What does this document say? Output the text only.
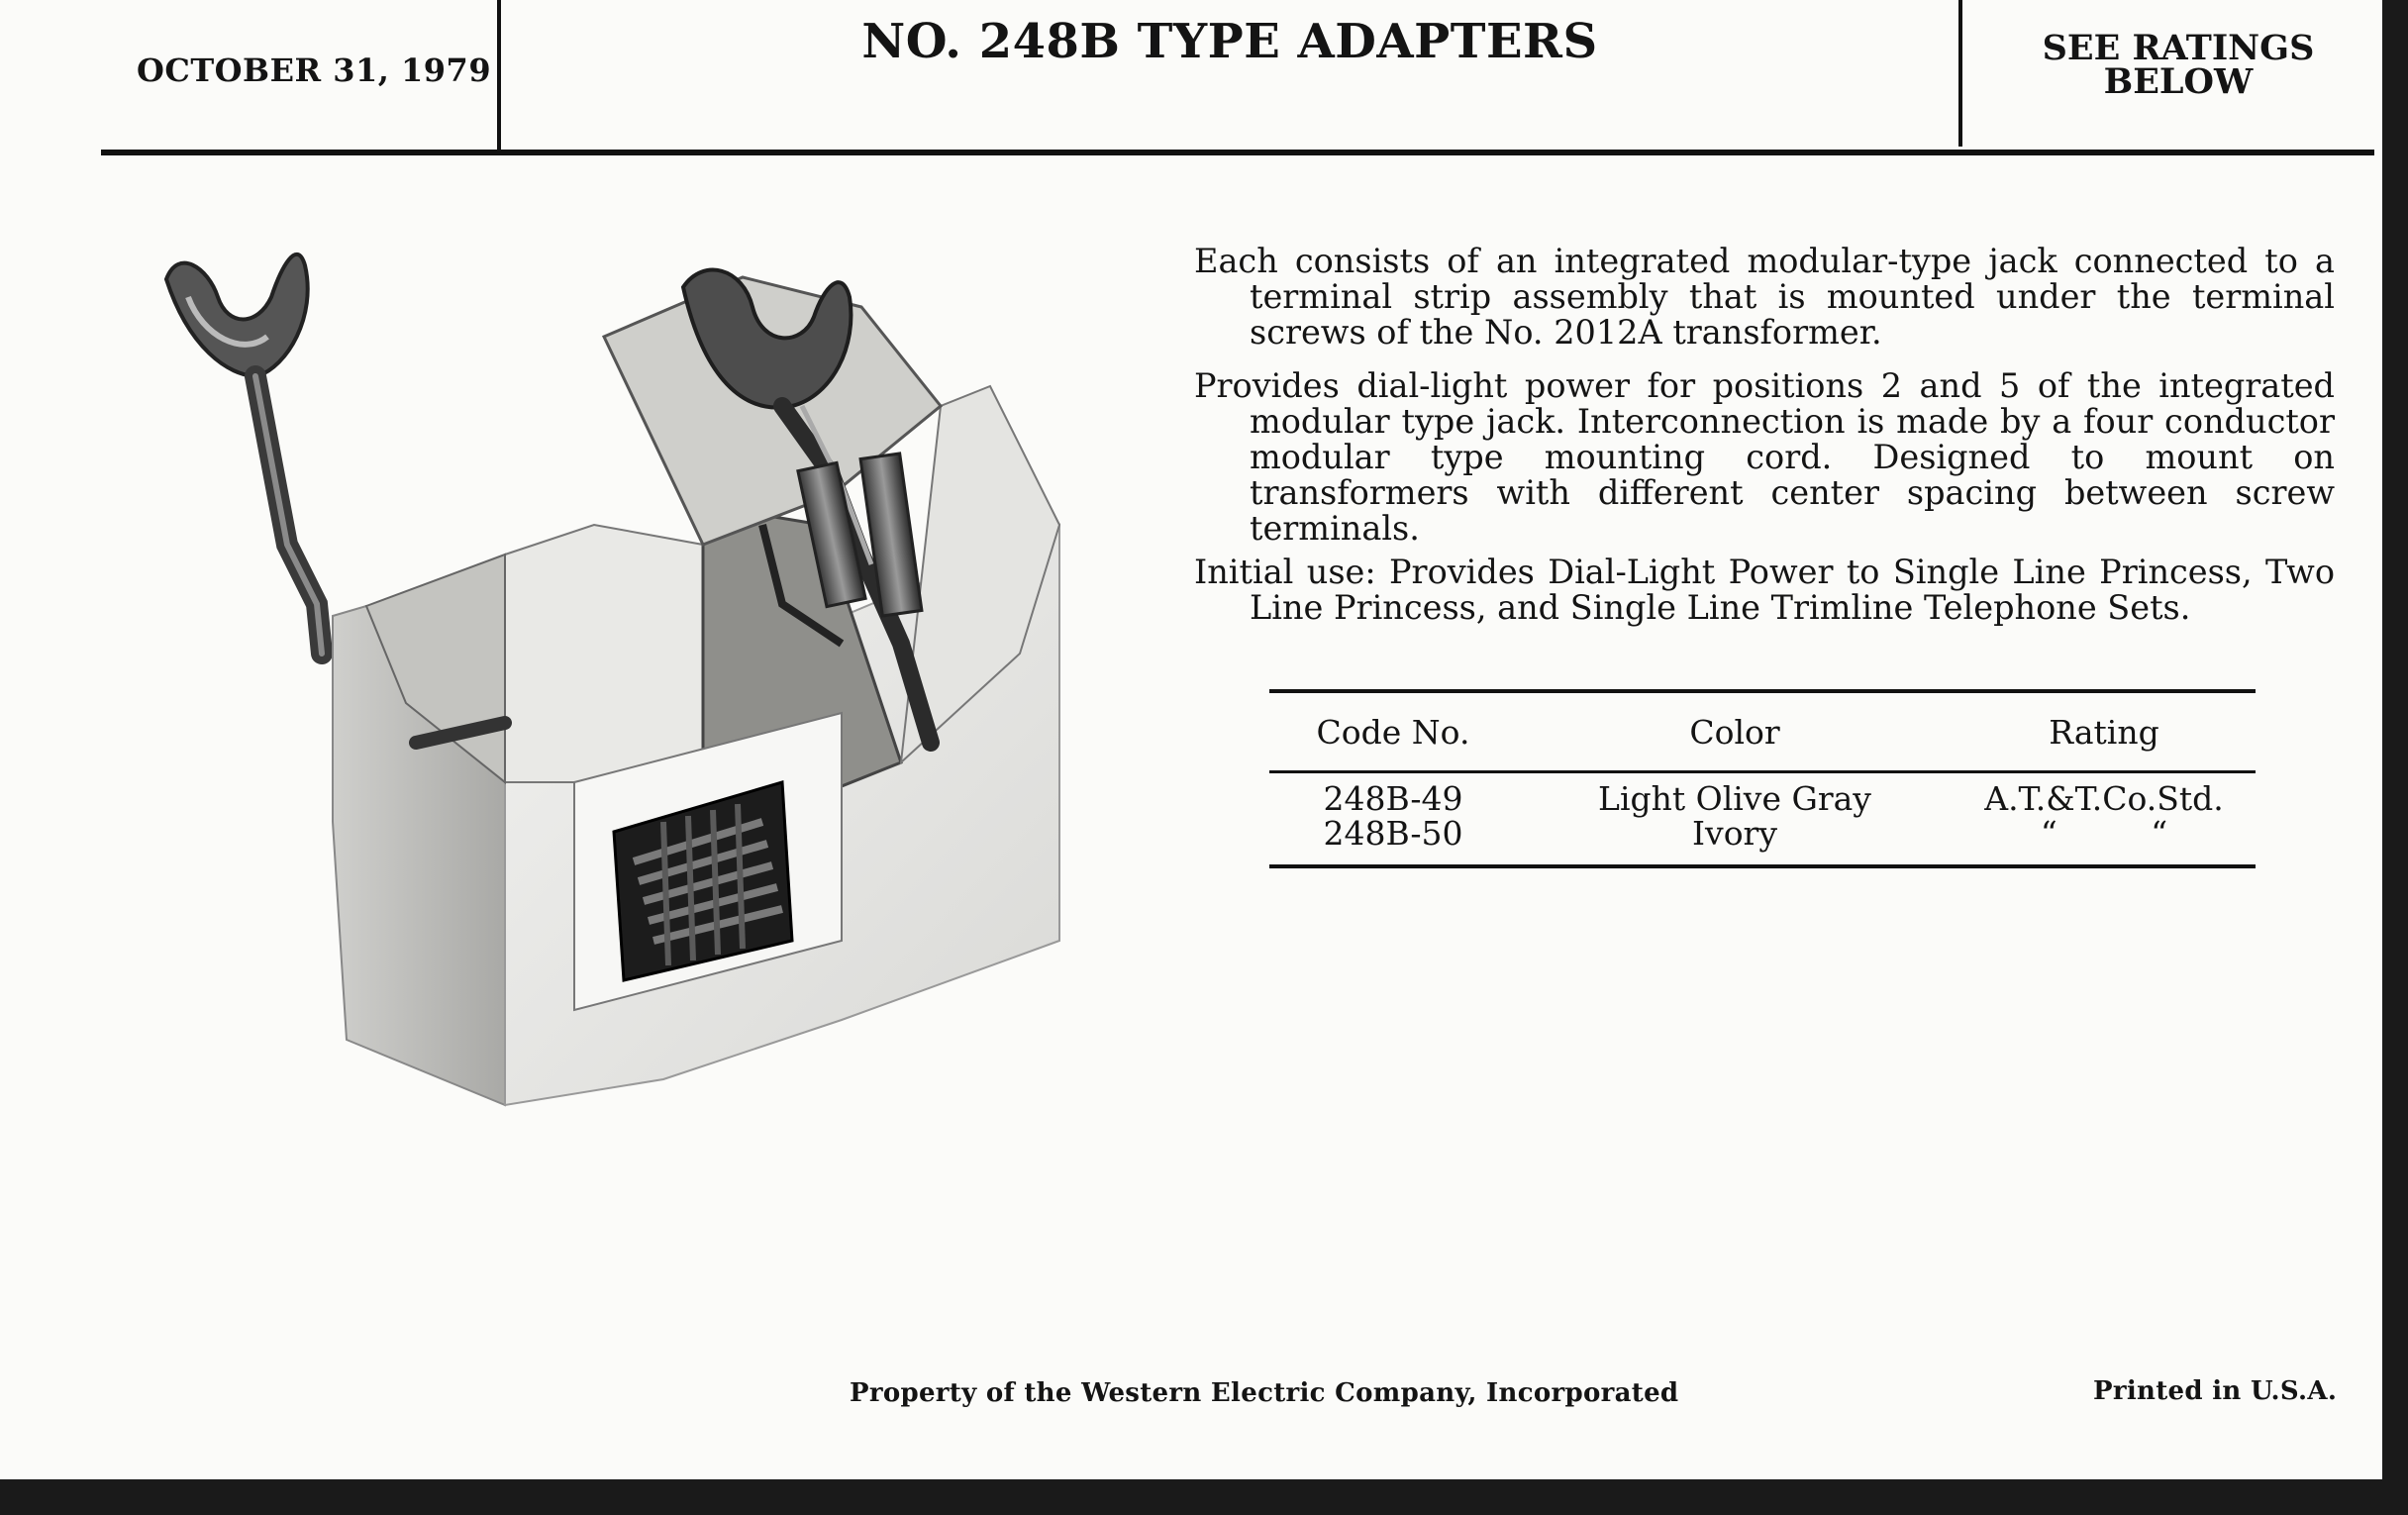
OCTOBER 31, 1979
NO. 248B TYPE ADAPTERS	SEE RATINGS
BELOW

Each consists of an integrated modular-type jack connected to a terminal strip assembly that is mounted under the terminal screws of the No. 2012A transformer.

Provides dial-light power for positions 2 and 5 of the integrated modular type jack. Interconnection is made by a four conductor modular type mounting cord. Designed to mount on transformers with different center spacing between screw terminals.

Initial use: Provides Dial-Light Power to Single Line Princess, Two Line Princess, and Single Line Trimline Telephone Sets.

Code No.	Color	Rating
248B-49	Light Olive Gray	A.T.&T.Co.Std.
248B-50	Ivory	“         “
Property of the Western Electric Company, Incorporated	Printed in U.S.A.
